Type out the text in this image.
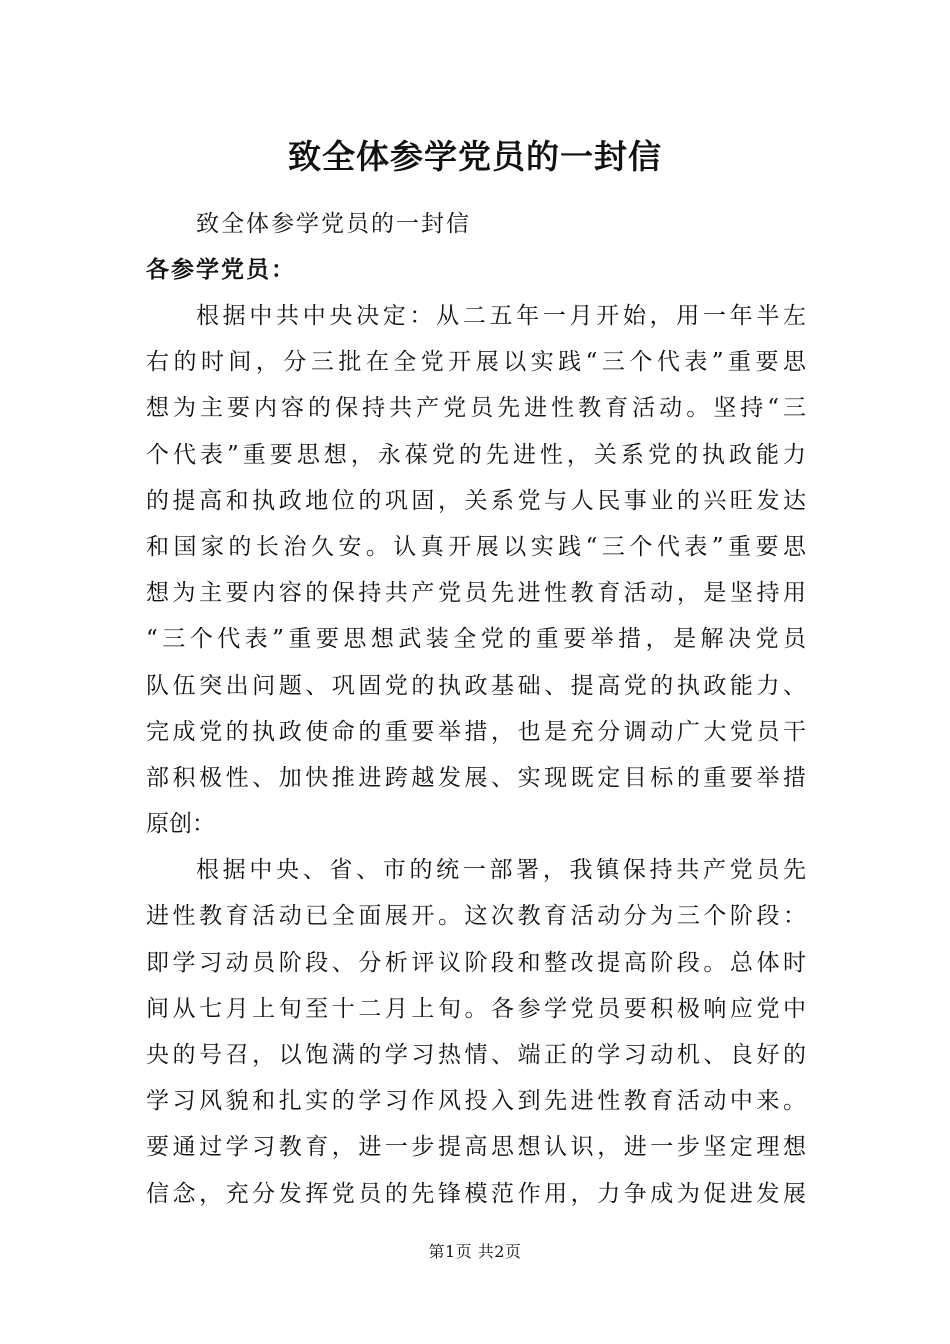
致全体参学党员的一封信
致全体参学党员的一封信
各参学党员：
根据中共中央决定：从二五年一月开始，用一年半左
右的时间，分三批在全党开展以实践“三个代表”重要思
想为主要内容的保持共产党员先进性教育活动。坚持“三
个代表”重要思想，永葆党的先进性，关系党的执政能力
的提高和执政地位的巩固，关系党与人民事业的兴旺发达
和国家的长治久安。认真开展以实践“三个代表”重要思
想为主要内容的保持共产党员先进性教育活动，是坚持用
“三个代表”重要思想武装全党的重要举措，是解决党员
队伍突出问题、巩固党的执政基础、提高党的执政能力、
完成党的执政使命的重要举措，也是充分调动广大党员干
部积极性、加快推进跨越发展、实现既定目标的重要举措
原创：
根据中央、省、市的统一部署，我镇保持共产党员先
进性教育活动已全面展开。这次教育活动分为三个阶段：
即学习动员阶段、分析评议阶段和整改提高阶段。总体时
间从七月上旬至十二月上旬。各参学党员要积极响应党中
央的号召，以饱满的学习热情、端正的学习动机、良好的
学习风貌和扎实的学习作风投入到先进性教育活动中来。
要通过学习教育，进一步提高思想认识，进一步坚定理想
信念，充分发挥党员的先锋模范作用，力争成为促进发展
第1页 共2页
